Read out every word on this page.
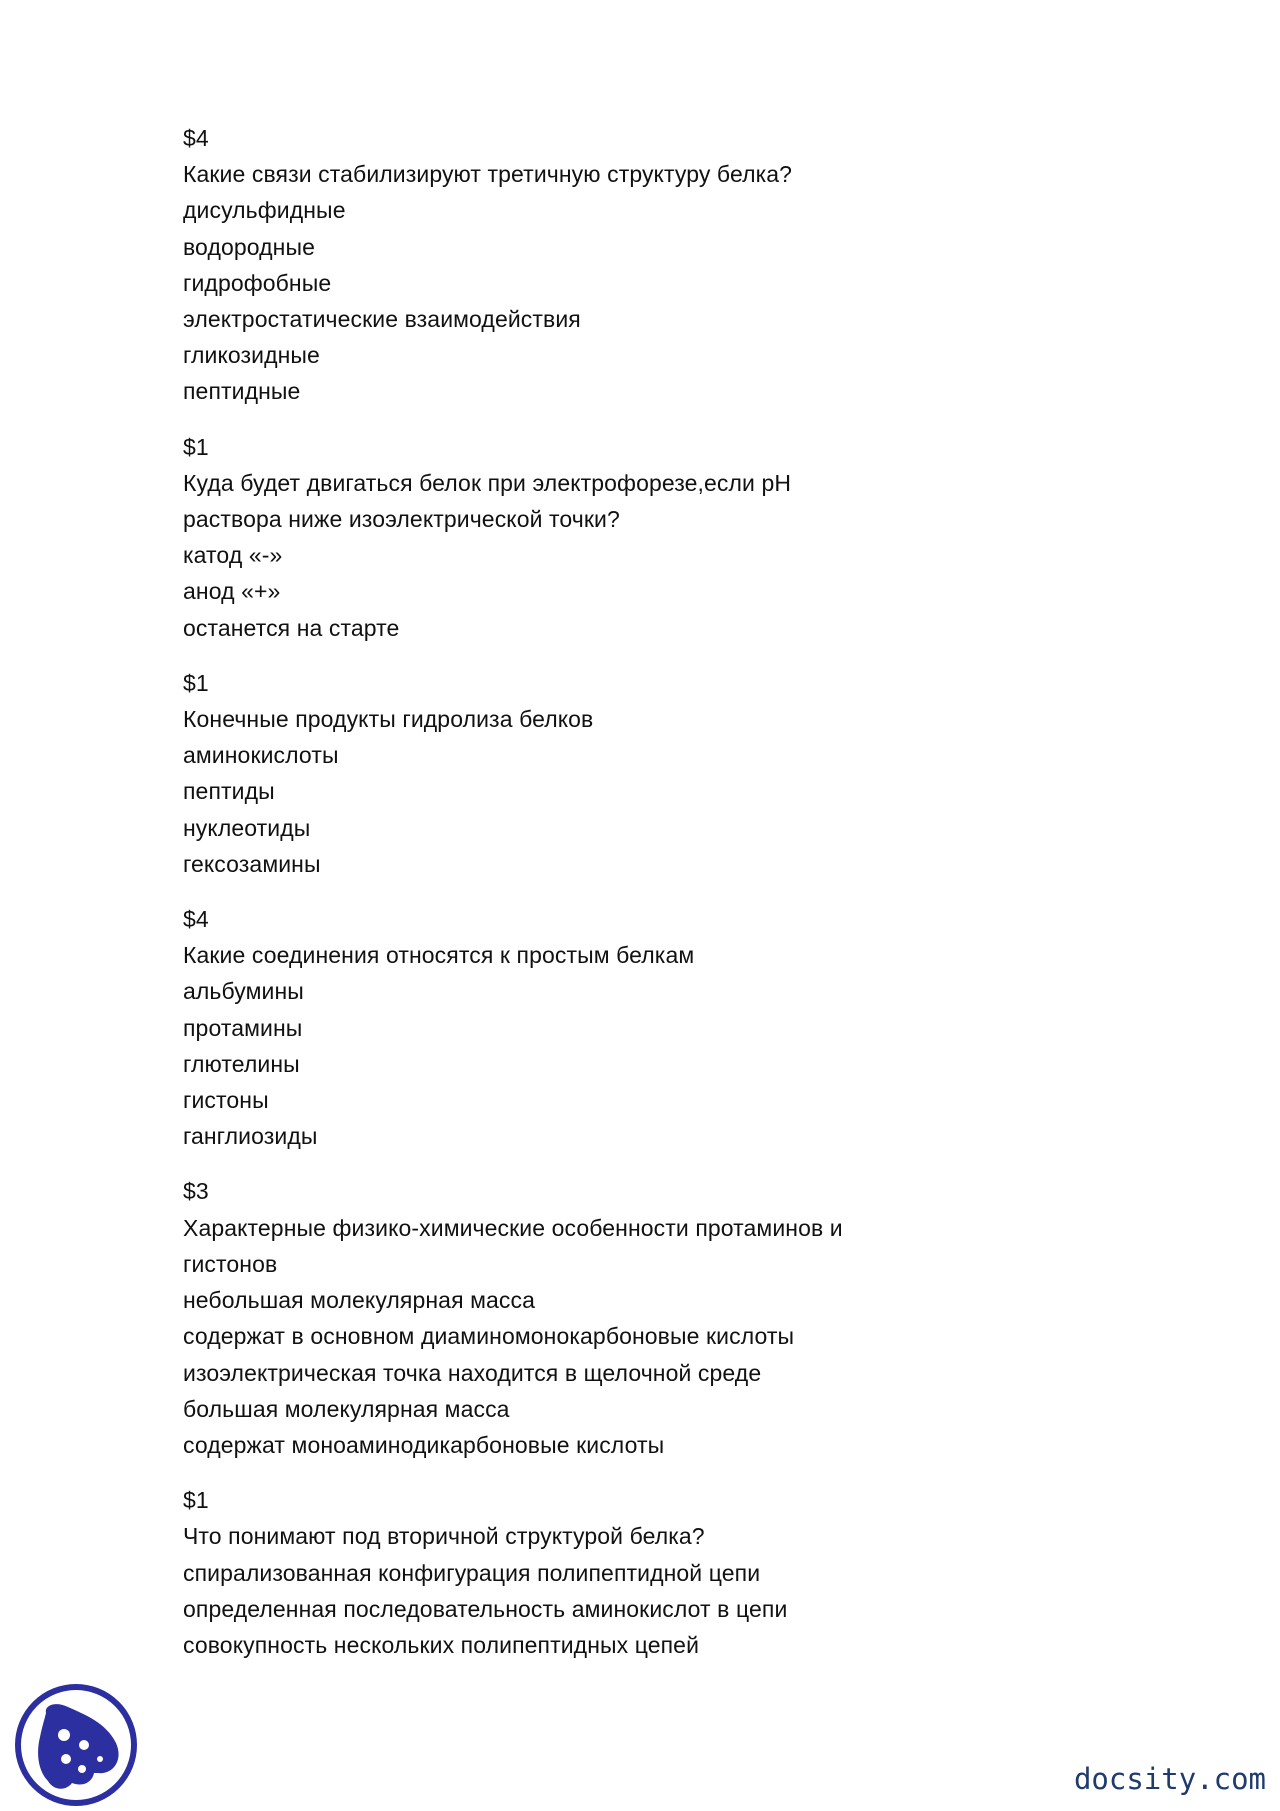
$4
Какие связи стабилизируют третичную структуру белка?
дисульфидные
водородные
гидрофобные
электростатические взаимодействия
гликозидные
пептидные
$1
Куда будет двигаться белок при электрофорезе,если рН
раствора ниже изоэлектрической точки?
катод «-»
анод «+»
останется на старте
$1
Конечные продукты гидролиза белков
аминокислоты
пептиды
нуклеотиды
гексозамины
$4
Какие соединения относятся к простым белкам
альбумины
протамины
глютелины
гистоны
ганглиозиды
$3
Характерные физико-химические особенности протаминов и
гистонов
небольшая молекулярная масса
содержат в основном диаминомонокарбоновые кислоты
изоэлектрическая точка находится в щелочной среде
большая молекулярная масса
содержат моноаминодикарбоновые кислоты
$1
Что понимают под вторичной структурой белка?
спирализованная конфигурация полипептидной цепи
определенная последовательность аминокислот в цепи
совокупность нескольких полипептидных цепей
docsity.com
